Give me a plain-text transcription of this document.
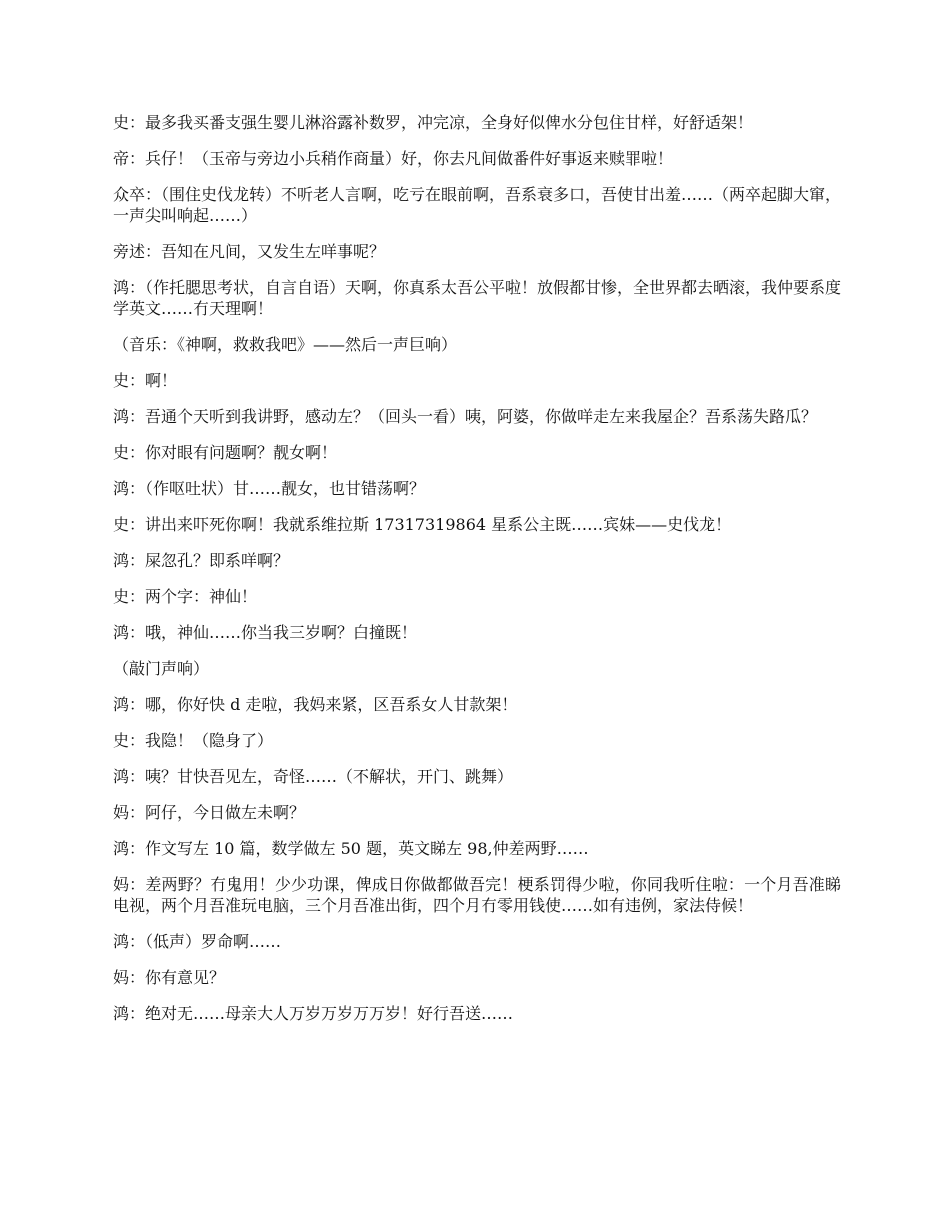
史：最多我买番支强生婴儿淋浴露补数罗，冲完凉，全身好似俾水分包住甘样，好舒适架！

帝：兵仔！（玉帝与旁边小兵稍作商量）好，你去凡间做番件好事返来赎罪啦！

众卒：（围住史伐龙转）不听老人言啊，吃亏在眼前啊，吾系衰多口，吾使甘出羞……（两卒起脚大窜，一声尖叫响起……）

旁述：吾知在凡间，又发生左咩事呢？

鸿：（作托腮思考状，自言自语）天啊，你真系太吾公平啦！放假都甘惨，全世界都去晒滚，我仲要系度学英文……冇天理啊！

（音乐：《神啊，救救我吧》——然后一声巨响）

史：啊！

鸿：吾通个天听到我讲野，感动左？（回头一看）咦，阿婆，你做咩走左来我屋企？吾系荡失路瓜？

史：你对眼有问题啊？靓女啊！

鸿：（作呕吐状）甘……靓女，也甘错荡啊？

史：讲出来吓死你啊！我就系维拉斯 17317319864 星系公主既……宾妹——史伐龙！

鸿：屎忽孔？即系咩啊？

史：两个字：神仙！

鸿：哦，神仙……你当我三岁啊？白撞既！

（敲门声响）

鸿：哪，你好快 d 走啦，我妈来紧，区吾系女人甘款架！

史：我隐！（隐身了）

鸿：咦？甘快吾见左，奇怪……（不解状，开门、跳舞）

妈：阿仔，今日做左未啊？

鸿：作文写左 10 篇，数学做左 50 题，英文睇左 98,仲差两野……

妈：差两野？冇鬼用！少少功课，俾成日你做都做吾完！梗系罚得少啦，你同我听住啦：一个月吾准睇电视，两个月吾准玩电脑，三个月吾准出街，四个月冇零用钱使……如有违例，家法侍候！

鸿：（低声）罗命啊……

妈：你有意见？

鸿：绝对无……母亲大人万岁万岁万万岁！好行吾送……
